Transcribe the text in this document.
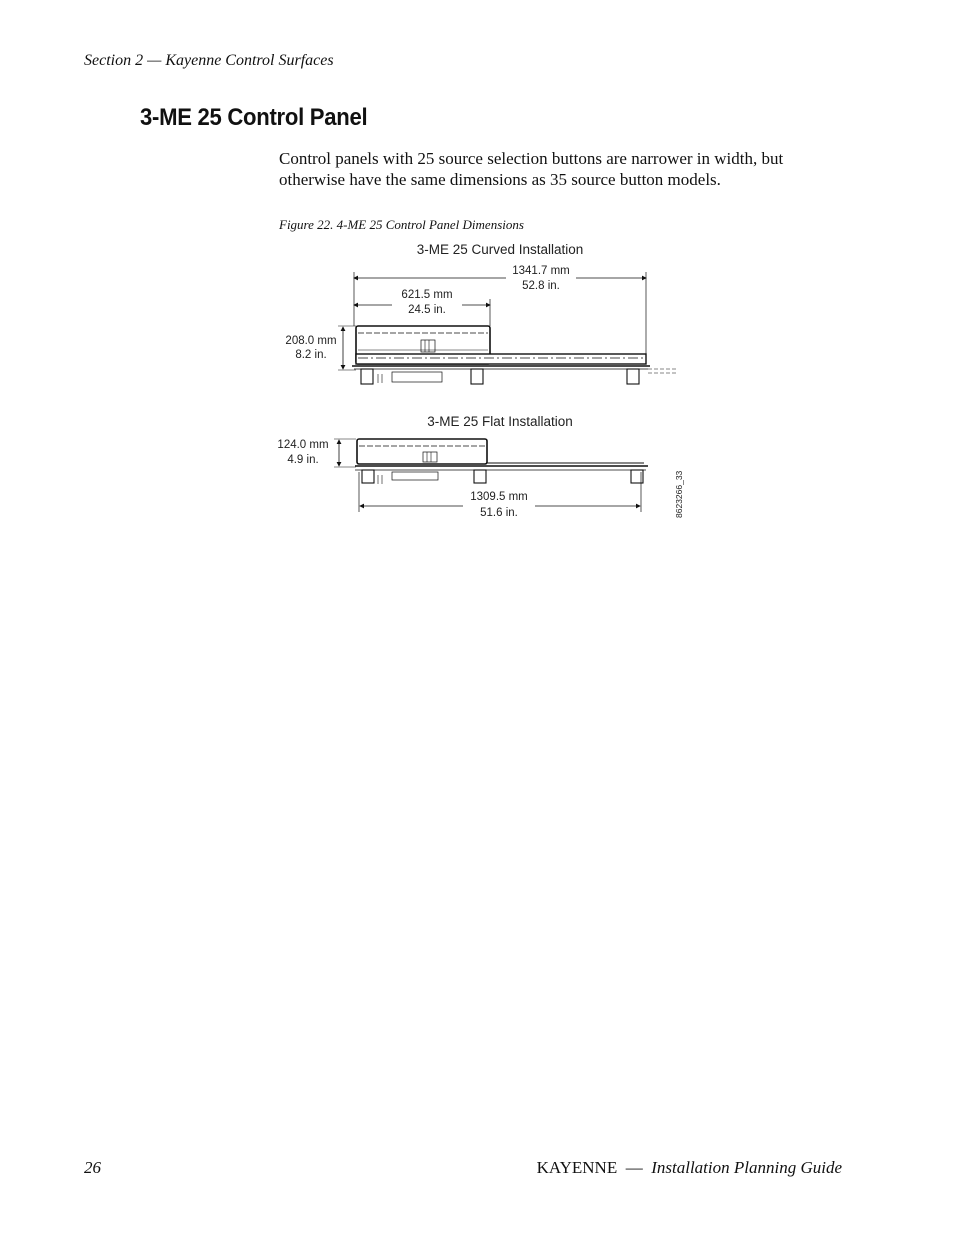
Section 2 — Kayenne Control Surfaces
3-ME 25 Control Panel

Control panels with 25 source selection buttons are narrower in width, but otherwise have the same dimensions as 35 source button models.

Figure 22. 4-ME 25 Control Panel Dimensions
3-ME 25 Curved Installation
1341.7 mm
52.8 in.
621.5 mm
24.5 in.
208.0 mm
8.2 in.
3-ME 25 Flat Installation
124.0 mm
4.9 in.
1309.5 mm
51.6 in.	8623266_33
26	KAYENNE — Installation Planning Guide
